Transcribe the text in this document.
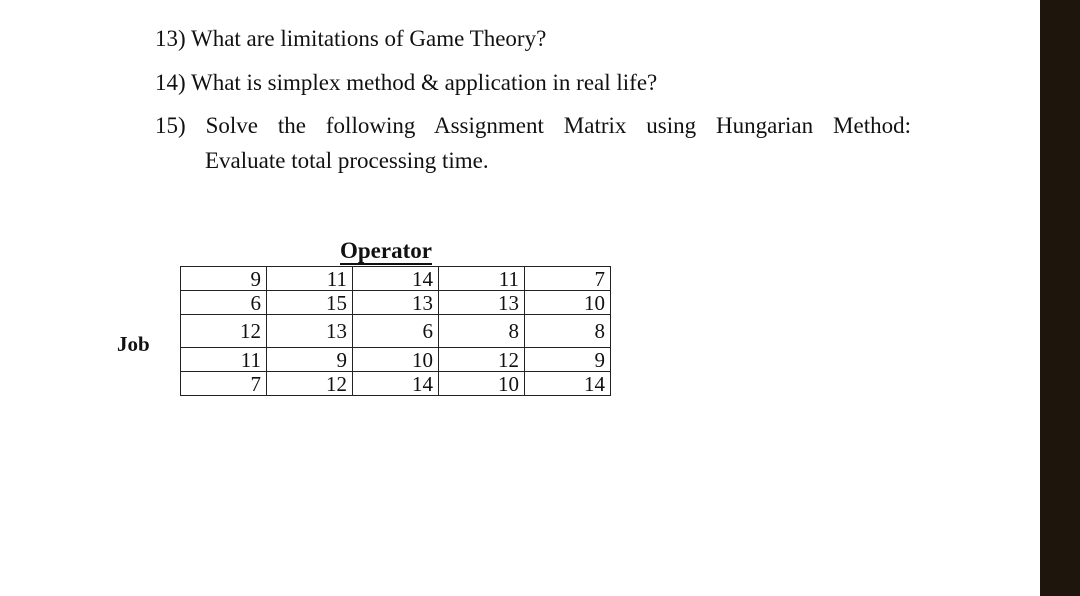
13) What are limitations of Game Theory?
14) What is simplex method & application in real life?
15) Solve the following Assignment Matrix using Hungarian Method:
Evaluate total processing time.
Operator
Job
9	11	14	11	7
6	15	13	13	10
12	13	6	8	8
11	9	10	12	9
7	12	14	10	14
